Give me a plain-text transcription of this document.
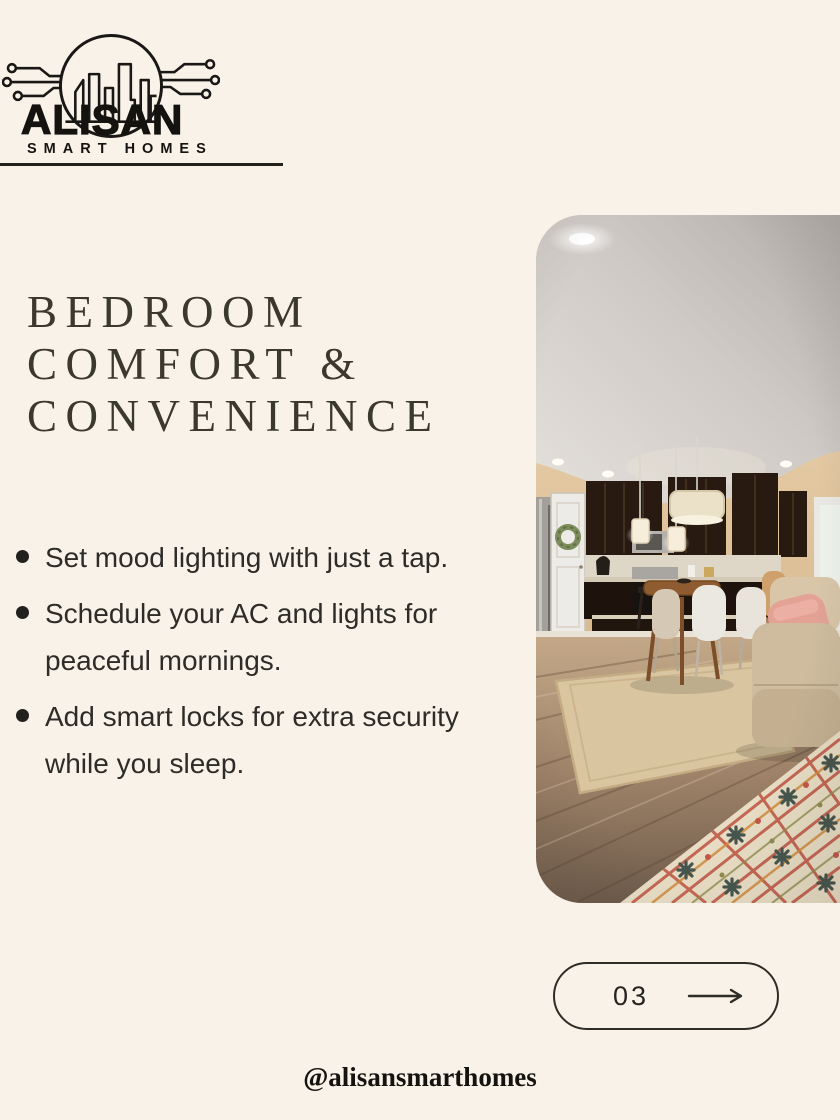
ALISAN
SMART HOMES
BEDROOM
COMFORT &
CONVENIENCE
Set mood lighting with just a tap.
Schedule your AC and lights for peaceful mornings.
Add smart locks for extra security while you sleep.
03
@alisansmarthomes
